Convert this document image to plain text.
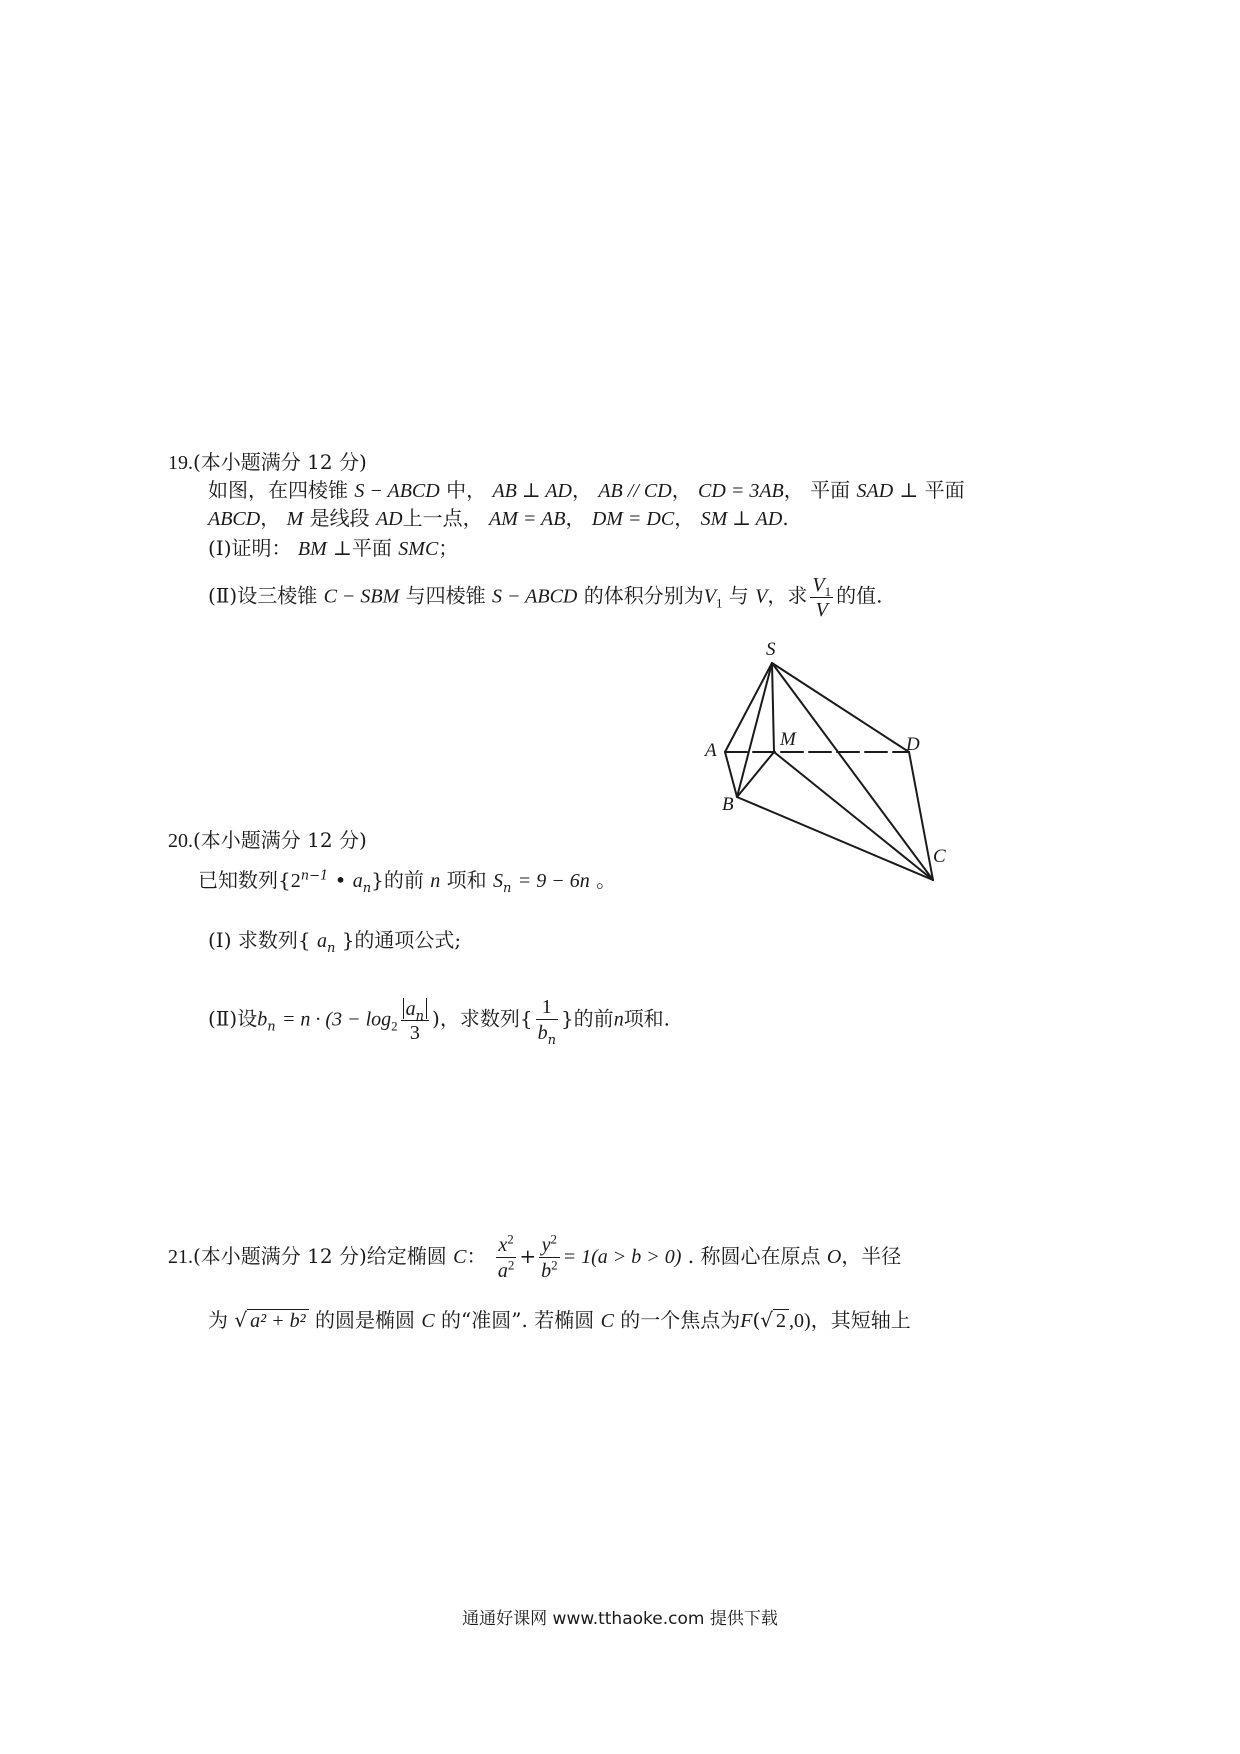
19.(本小题满分 12 分)
如图，在四棱锥 S − ABCD 中， AB ⊥ AD， AB // CD， CD = 3AB， 平面 SAD ⊥ 平面
ABCD， M 是线段 AD上一点， AM = AB， DM = DC， SM ⊥ AD.
(Ⅰ)证明： BM ⊥平面 SMC；
(Ⅱ)设三棱锥 C − SBM 与四棱锥 S − ABCD 的体积分别为$V_1$ 与 V，求 $\frac{V_1}{V}$ 的值.
S
A
M	D
B
C
20.(本小题满分 12 分)
已知数列{$2^{n-1}$ • $a_n$}的前 n 项和 $S_n = 9 - 6n$ 。
(Ⅰ) 求数列{ $a_n$ }的通项公式;
(Ⅱ)设$b_n = n \cdot (3 - \log_2 \frac{a_n}{3}$ )，求数列{ $\frac{1}{b_n}$ }的前n项和.
21.(本小题满分 12 分)给定椭圆 C： $\frac{x^2}{a^2} + \frac{y^2}{b^2} = 1(a > b > 0)$ . 称圆心在原点 O，半径
为 √ a² + b² 的圆是椭圆 C 的“准圆”. 若椭圆 C 的一个焦点为F(√ 2 ,0)，其短轴上
通通好课网 www.tthaoke.com 提供下载
